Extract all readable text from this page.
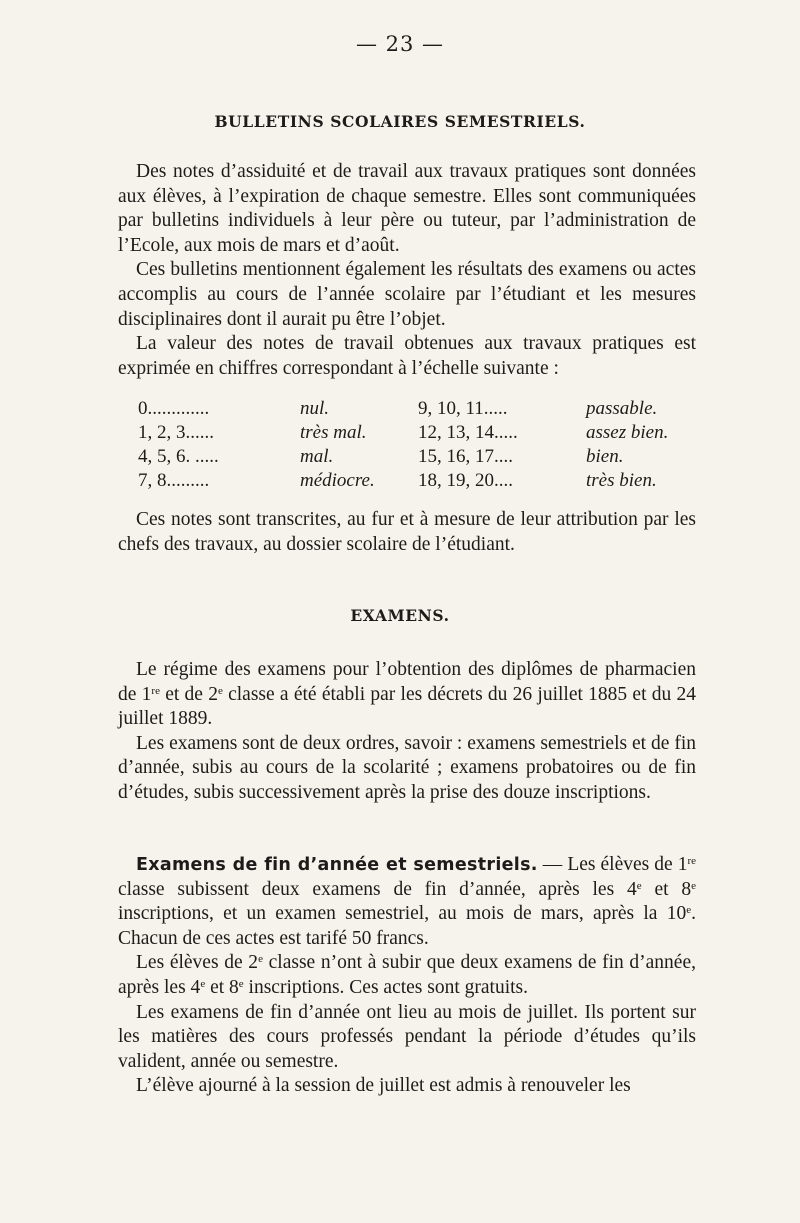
— 23 —
BULLETINS SCOLAIRES SEMESTRIELS.

Des notes d’assiduité et de travail aux travaux pratiques sont données aux élèves, à l’expiration de chaque semestre. Elles sont communiquées par bulletins individuels à leur père ou tuteur, par l’administration de l’Ecole, aux mois de mars et d’août.

Ces bulletins mentionnent également les résultats des examens ou actes accomplis au cours de l’année scolaire par l’étudiant et les mesures disciplinaires dont il aurait pu être l’objet.

La valeur des notes de travail obtenues aux travaux pratiques est exprimée en chiffres correspondant à l’échelle suivante :

0.............	nul.	9, 10, 11.....	passable.
1, 2, 3......	très mal.	12, 13, 14.....	assez bien.
4, 5, 6. .....	mal.	15, 16, 17....	bien.
7, 8.........	médiocre.	18, 19, 20....	très bien.

Ces notes sont transcrites, au fur et à mesure de leur attribution par les chefs des travaux, au dossier scolaire de l’étudiant.

EXAMENS.

Le régime des examens pour l’obtention des diplômes de pharmacien de 1re et de 2e classe a été établi par les décrets du 26 juillet 1885 et du 24 juillet 1889.

Les examens sont de deux ordres, savoir : examens semestriels et de fin d’année, subis au cours de la scolarité ; examens probatoires ou de fin d’études, subis successivement après la prise des douze inscriptions.

Examens de fin d’année et semestriels. — Les élèves de 1re classe subissent deux examens de fin d’année, après les 4e et 8e inscriptions, et un examen semestriel, au mois de mars, après la 10e. Chacun de ces actes est tarifé 50 francs.

Les élèves de 2e classe n’ont à subir que deux examens de fin d’année, après les 4e et 8e inscriptions. Ces actes sont gratuits.

Les examens de fin d’année ont lieu au mois de juillet. Ils portent sur les matières des cours professés pendant la période d’études qu’ils valident, année ou semestre.

L’élève ajourné à la session de juillet est admis à renouveler les
